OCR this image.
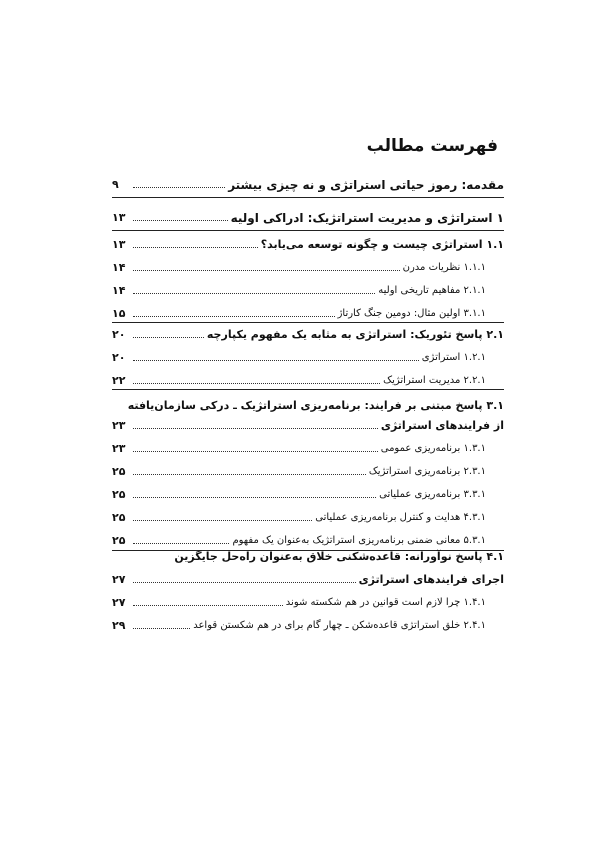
فهرست مطالب
مقدمه: رموز حیاتی استراتژی و نه چیزی بیشتر
۹
۱ استراتژی و مدیریت استراتژیک: ادراکی اولیه
۱۳
۱.۱ استراتژی چیست و چگونه توسعه می‌یابد؟
۱۳
۱.۱.۱ نظریات مدرن
۱۴
۲.۱.۱ مفاهیم تاریخی اولیه
۱۴
۳.۱.۱ اولین مثال: دومین جنگ کارتاژ
۱۵
۲.۱ پاسخ تئوریک: استراتژی به مثابه یک مفهوم یکپارچه
۲۰
۱.۲.۱ استراتژی
۲۰
۲.۲.۱ مدیریت استراتژیک
۲۲
۳.۱ پاسخ مبتنی بر فرایند: برنامه‌ریزی استراتژیک ـ درکی سازمان‌یافته
از فرایندهای استراتژی
۲۳
۱.۳.۱ برنامه‌ریزی عمومی
۲۳
۲.۳.۱ برنامه‌ریزی استراتژیک
۲۵
۳.۳.۱ برنامه‌ریزی عملیاتی
۲۵
۴.۳.۱ هدایت و کنترل برنامه‌ریزی عملیاتی
۲۵
۵.۳.۱ معانی ضمنی برنامه‌ریزی استراتژیک به‌عنوان یک مفهوم
۲۵
۴.۱ پاسخ نوآورانه: قاعده‌شکنی خلاق به‌عنوان راه‌حل جایگزین
اجرای فرایندهای استراتژی
۲۷
۱.۴.۱ چرا لازم است قوانین در هم شکسته شوند
۲۷
۲.۴.۱ خلق استراتژی قاعده‌شکن ـ چهار گام برای در هم شکستن قواعد
۲۹
